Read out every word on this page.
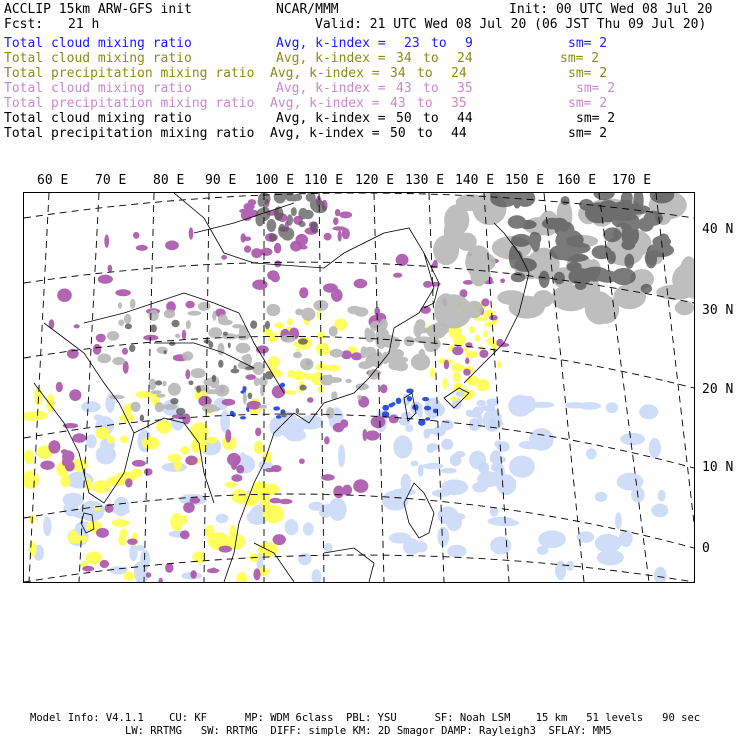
ACCLIP 15km ARW-GFS init	NCAR/MMM	Init: 00 UTC Wed 08 Jul 20
Fcst: 21 h	Valid: 21 UTC Wed 08 Jul 20 (06 JST Thu 09 Jul 20)
Total cloud mixing ratio	Avg, k-index = 23 to 9	sm= 2
Total cloud mixing ratio	Avg, k-index = 34 to 24	sm= 2
Total precipitation mixing ratio Avg, k-index = 34 to 24	sm= 2
Total cloud mixing ratio	Avg, k-index = 43 to 35	sm= 2
Total precipitation mixing ratio Avg, k-index = 43 to 35	sm= 2
Total cloud mixing ratio	Avg, k-index = 50 to 44	sm= 2
Total precipitation mixing ratio Avg, k-index = 50 to 44	sm= 2
60 E 70 E 80 E 90 E 100 E 110 E 120 E 130 E 140 E 150 E 160 E 170 E
40 N
30 N
20 N
10 N
0
Model Info: V4.1.1    CU: KF      MP: WDM 6class  PBL: YSU      SF: Noah LSM    15 km   51 levels   90 sec
LW: RRTMG   SW: RRTMG  DIFF: simple KM: 2D Smagor DAMP: Rayleigh3  SFLAY: MM5
